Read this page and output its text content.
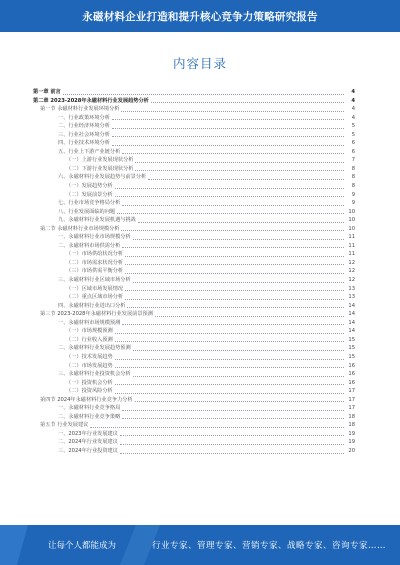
永磁材料企业打造和提升核心竞争力策略研究报告
内容目录
第一章 前言	4
第二章 2023-2028年永磁材料行业发展趋势分析	4
第一节 永磁材料行业发展环境分析	4
一、行业政策环境分析	4
二、行业经济环境分析	5
三、行业社会环境分析	5
四、行业技术环境分析	6
五、行业上下游产业链分析	6
（一）上游行业发展现状分析	7
（二）下游行业发展现状分析	8
六、永磁材料行业发展趋势与前景分析	8
（一）发展趋势分析	8
（二）发展前景分析	9
七、行业市场竞争格局分析	9
八、行业发展面临的问题	10
九、永磁材料行业发展机遇与挑战	10
第二节 永磁材料行业市场规模分析	10
一、永磁材料行业市场规模分析	11
二、永磁材料市场供需分析	11
（一）市场供给状况分析	11
（二）市场需求状况分析	12
（三）市场供需平衡分析	12
三、永磁材料行业区域市场分析	12
（一）区域市场发展情况	13
（二）重点区域市场分析	13
四、永磁材料行业进出口分析	14
第三节 2023-2028年永磁材料行业发展前景预测	14
一、永磁材料市场规模预测	14
（一）市场规模预测	14
（二）行业收入预测	15
二、永磁材料行业发展趋势预测	15
（一）技术发展趋势	15
（二）市场发展趋势	16
三、永磁材料行业投资机会分析	16
（一）投资机会分析	16
（二）投资风险分析	17
第四节 2024年永磁材料行业竞争力分析	17
一、永磁材料行业竞争格局	17
二、永磁材料行业竞争策略	18
第五节 行业发展建议	18
一、2023年行业发展建议	19
二、2024年行业发展建议	19
三、2024年行业投资建议	20
让每个人都能成为	行业专家、管理专家、营销专家、战略专家、咨询专家……
